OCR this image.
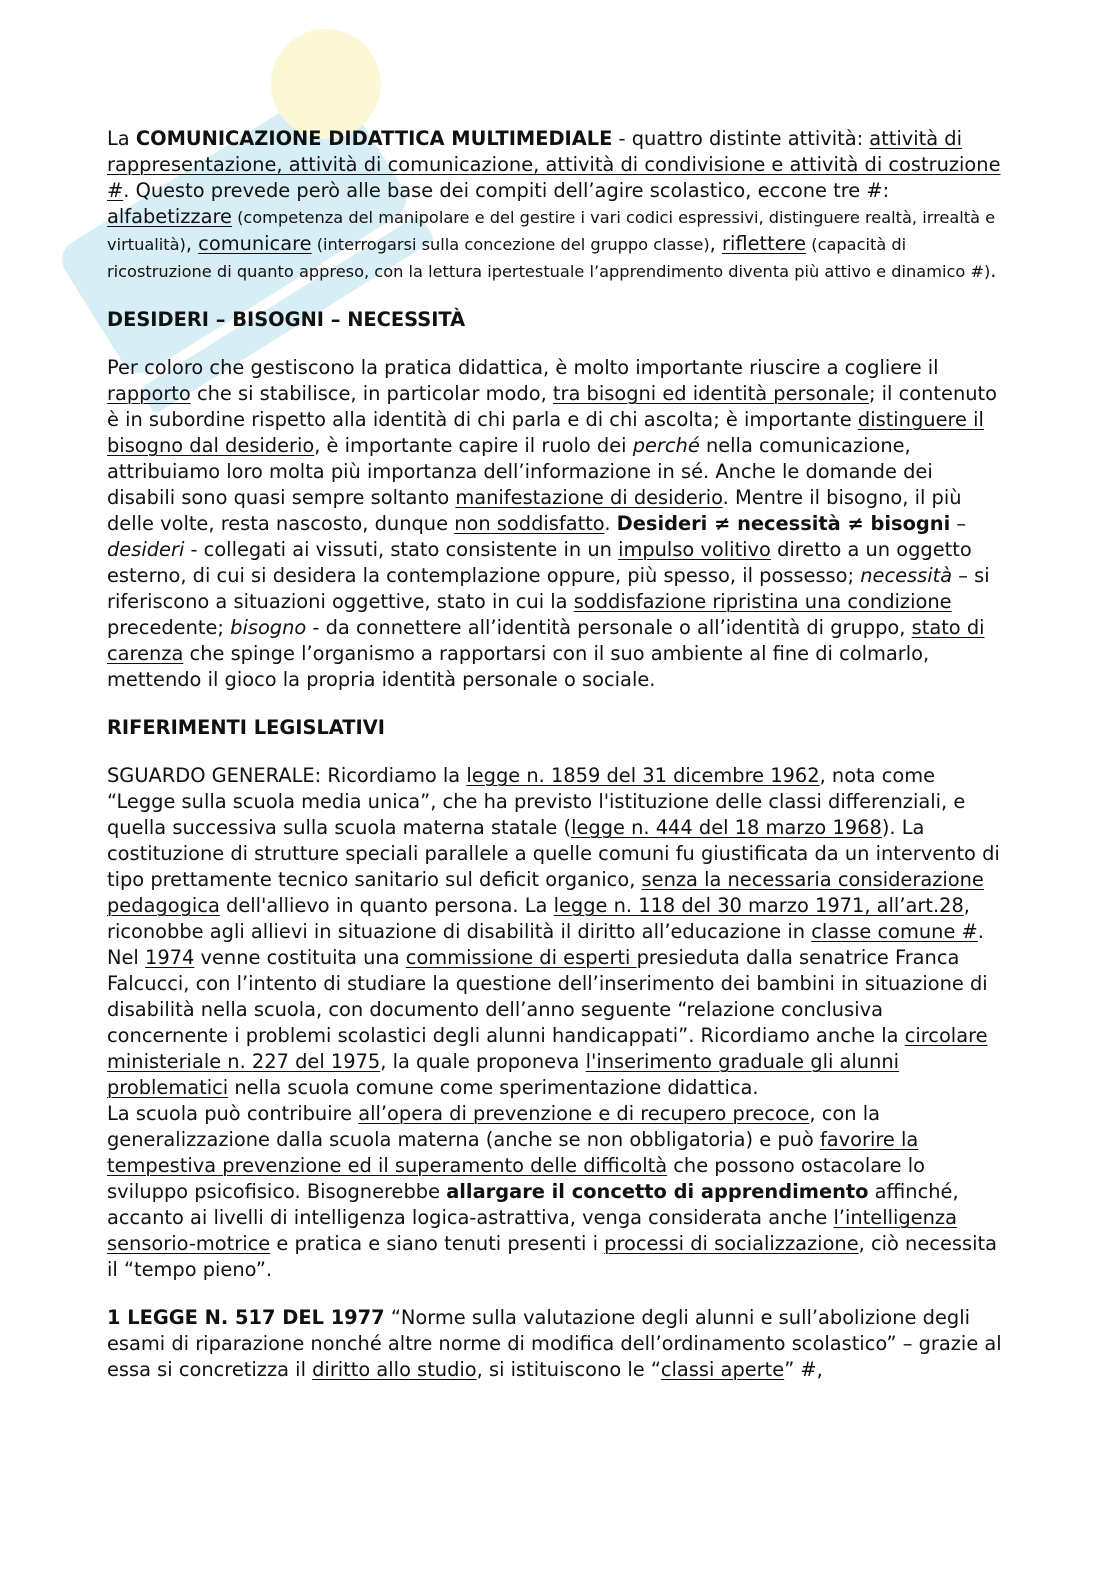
La COMUNICAZIONE DIDATTICA MULTIMEDIALE - quattro distinte attività: attività di rappresentazione, attività di comunicazione, attività di condivisione e attività di costruzione #. Questo prevede però alle base dei compiti dell’agire scolastico, eccone tre #: alfabetizzare (competenza del manipolare e del gestire i vari codici espressivi, distinguere realtà, irrealtà e virtualità), comunicare (interrogarsi sulla concezione del gruppo classe), riflettere (capacità di ricostruzione di quanto appreso, con la lettura ipertestuale l’apprendimento diventa più attivo e dinamico #).

DESIDERI – BISOGNI – NECESSITÀ

Per coloro che gestiscono la pratica didattica, è molto importante riuscire a cogliere il rapporto che si stabilisce, in particolar modo, tra bisogni ed identità personale; il contenuto è in subordine rispetto alla identità di chi parla e di chi ascolta; è importante distinguere il bisogno dal desiderio, è importante capire il ruolo dei perché nella comunicazione, attribuiamo loro molta più importanza dell’informazione in sé. Anche le domande dei disabili sono quasi sempre soltanto manifestazione di desiderio. Mentre il bisogno, il più delle volte, resta nascosto, dunque non soddisfatto. Desideri ≠ necessità ≠ bisogni – desideri - collegati ai vissuti, stato consistente in un impulso volitivo diretto a un oggetto esterno, di cui si desidera la contemplazione oppure, più spesso, il possesso; necessità – si riferiscono a situazioni oggettive, stato in cui la soddisfazione ripristina una condizione precedente; bisogno - da connettere all’identità personale o all’identità di gruppo, stato di carenza che spinge l’organismo a rapportarsi con il suo ambiente al fine di colmarlo, mettendo il gioco la propria identità personale o sociale.

RIFERIMENTI LEGISLATIVI

SGUARDO GENERALE: Ricordiamo la legge n. 1859 del 31 dicembre 1962, nota come “Legge sulla scuola media unica”, che ha previsto l'istituzione delle classi differenziali, e quella successiva sulla scuola materna statale (legge n. 444 del 18 marzo 1968). La costituzione di strutture speciali parallele a quelle comuni fu giustificata da un intervento di tipo prettamente tecnico sanitario sul deficit organico, senza la necessaria considerazione pedagogica dell'allievo in quanto persona. La legge n. 118 del 30 marzo 1971, all’art.28, riconobbe agli allievi in situazione di disabilità il diritto all’educazione in classe comune #. Nel 1974 venne costituita una commissione di esperti presieduta dalla senatrice Franca Falcucci, con l’intento di studiare la questione dell’inserimento dei bambini in situazione di disabilità nella scuola, con documento dell’anno seguente “relazione conclusiva concernente i problemi scolastici degli alunni handicappati”. Ricordiamo anche la circolare ministeriale n. 227 del 1975, la quale proponeva l'inserimento graduale gli alunni problematici nella scuola comune come sperimentazione didattica.

La scuola può contribuire all’opera di prevenzione e di recupero precoce, con la generalizzazione dalla scuola materna (anche se non obbligatoria) e può favorire la tempestiva prevenzione ed il superamento delle difficoltà che possono ostacolare lo sviluppo psicofisico. Bisognerebbe allargare il concetto di apprendimento affinché, accanto ai livelli di intelligenza logica-astrattiva, venga considerata anche l’intelligenza sensorio-motrice e pratica e siano tenuti presenti i processi di socializzazione, ciò necessita il “tempo pieno”.

1 LEGGE N. 517 DEL 1977 “Norme sulla valutazione degli alunni e sull’abolizione degli esami di riparazione nonché altre norme di modifica dell’ordinamento scolastico” – grazie al essa si concretizza il diritto allo studio, si istituiscono le “classi aperte” #,
